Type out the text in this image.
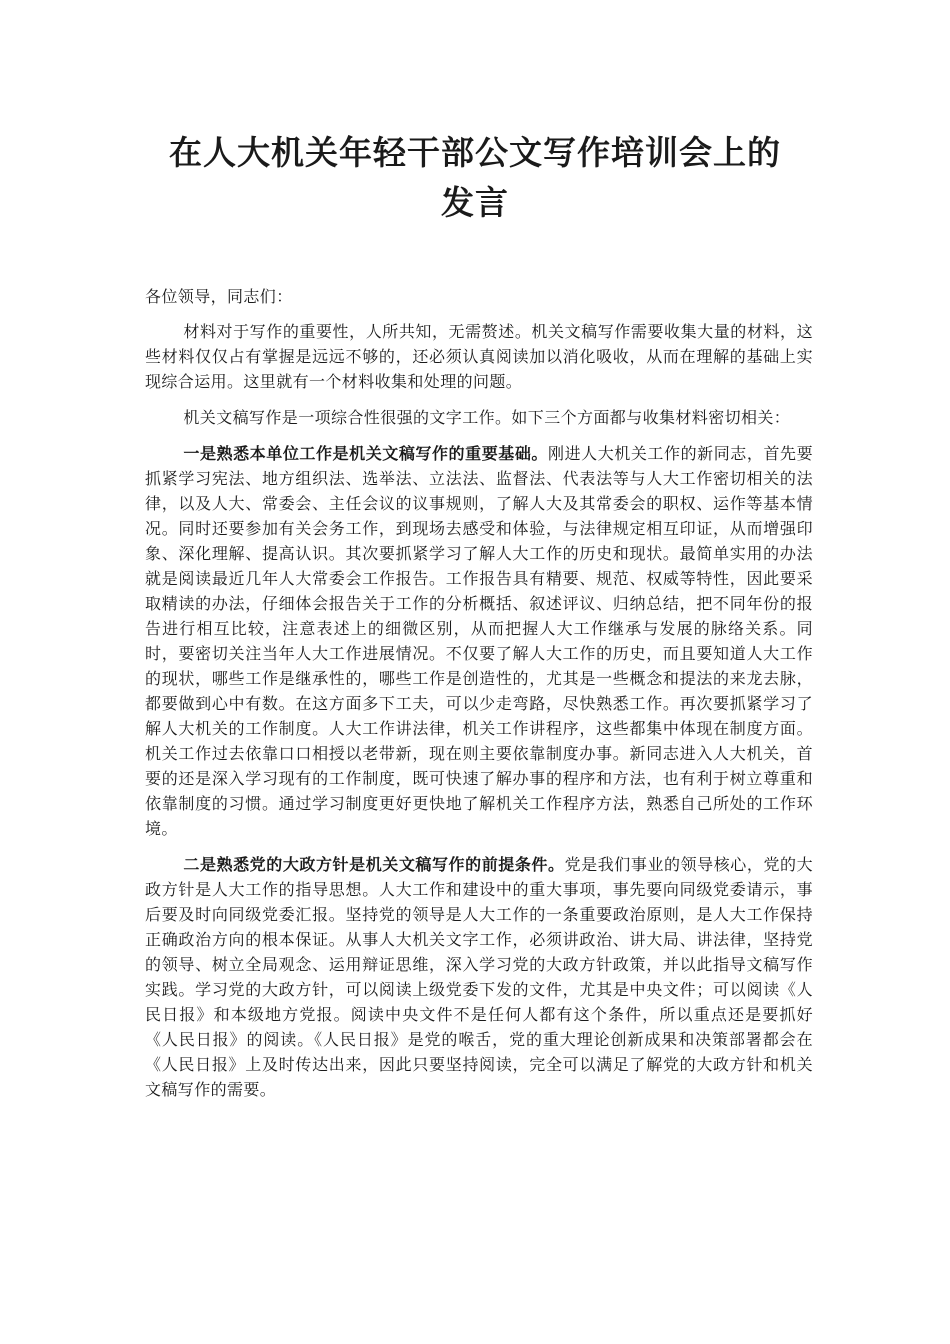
在人大机关年轻干部公文写作培训会上的
发言

各位领导，同志们：

材料对于写作的重要性，人所共知，无需赘述。机关文稿写作需要收集大量的材料，这些材料仅仅占有掌握是远远不够的，还必须认真阅读加以消化吸收，从而在理解的基础上实现综合运用。这里就有一个材料收集和处理的问题。

机关文稿写作是一项综合性很强的文字工作。如下三个方面都与收集材料密切相关：

一是熟悉本单位工作是机关文稿写作的重要基础。刚进人大机关工作的新同志，首先要抓紧学习宪法、地方组织法、选举法、立法法、监督法、代表法等与人大工作密切相关的法律，以及人大、常委会、主任会议的议事规则，了解人大及其常委会的职权、运作等基本情况。同时还要参加有关会务工作，到现场去感受和体验，与法律规定相互印证，从而增强印象、深化理解、提高认识。其次要抓紧学习了解人大工作的历史和现状。最简单实用的办法就是阅读最近几年人大常委会工作报告。工作报告具有精要、规范、权威等特性，因此要采取精读的办法，仔细体会报告关于工作的分析概括、叙述评议、归纳总结，把不同年份的报告进行相互比较，注意表述上的细微区别，从而把握人大工作继承与发展的脉络关系。同时，要密切关注当年人大工作进展情况。不仅要了解人大工作的历史，而且要知道人大工作的现状，哪些工作是继承性的，哪些工作是创造性的，尤其是一些概念和提法的来龙去脉，都要做到心中有数。在这方面多下工夫，可以少走弯路，尽快熟悉工作。再次要抓紧学习了解人大机关的工作制度。人大工作讲法律，机关工作讲程序，这些都集中体现在制度方面。机关工作过去依靠口口相授以老带新，现在则主要依靠制度办事。新同志进入人大机关，首要的还是深入学习现有的工作制度，既可快速了解办事的程序和方法，也有利于树立尊重和依靠制度的习惯。通过学习制度更好更快地了解机关工作程序方法，熟悉自己所处的工作环境。

二是熟悉党的大政方针是机关文稿写作的前提条件。党是我们事业的领导核心，党的大政方针是人大工作的指导思想。人大工作和建设中的重大事项，事先要向同级党委请示，事后要及时向同级党委汇报。坚持党的领导是人大工作的一条重要政治原则，是人大工作保持正确政治方向的根本保证。从事人大机关文字工作，必须讲政治、讲大局、讲法律，坚持党的领导、树立全局观念、运用辩证思维，深入学习党的大政方针政策，并以此指导文稿写作实践。学习党的大政方针，可以阅读上级党委下发的文件，尤其是中央文件；可以阅读《人民日报》和本级地方党报。阅读中央文件不是任何人都有这个条件，所以重点还是要抓好《人民日报》的阅读。《人民日报》是党的喉舌，党的重大理论创新成果和决策部署都会在《人民日报》上及时传达出来，因此只要坚持阅读，完全可以满足了解党的大政方针和机关文稿写作的需要。
